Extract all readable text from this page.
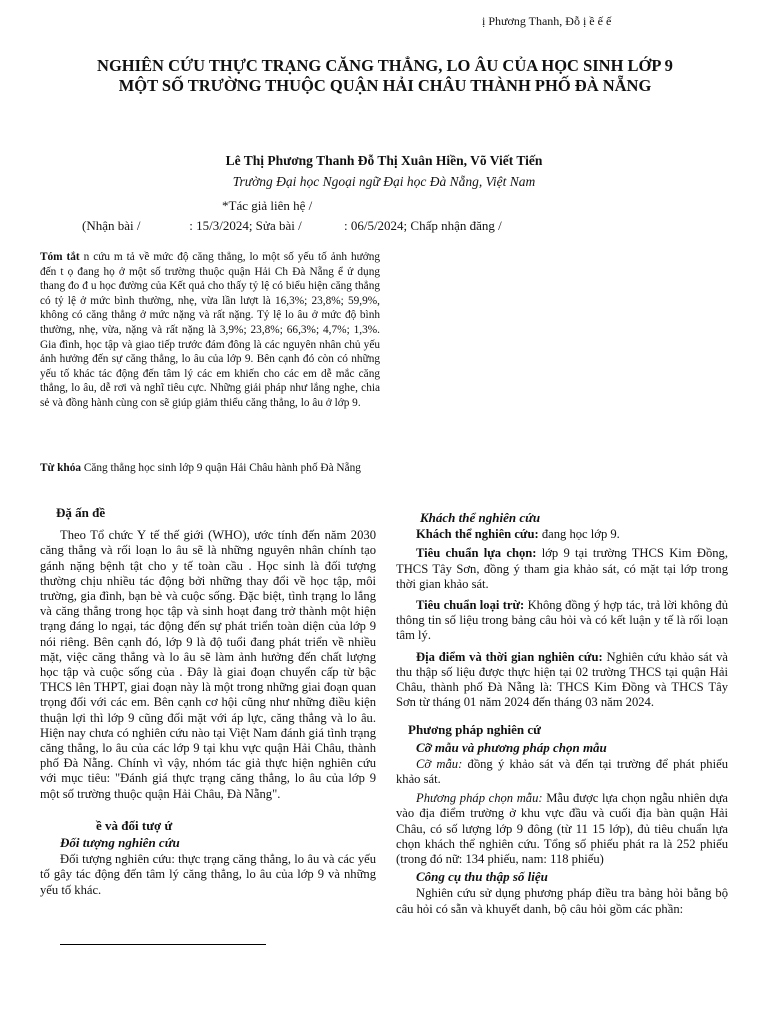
ị Phương Thanh, Đỗ ị ề ế ế
NGHIÊN CỨU THỰC TRẠNG CĂNG THẲNG, LO ÂU CỦA HỌC SINH LỚP 9
MỘT SỐ TRƯỜNG THUỘC QUẬN HẢI CHÂU THÀNH PHỐ ĐÀ NẴNG
Lê Thị Phương Thanh Đỗ Thị Xuân Hiền, Võ Viết Tiến
Trường Đại học Ngoại ngữ Đại học Đà Nẵng, Việt Nam
*Tác giả liên hệ /
(Nhận bài /               : 15/3/2024; Sửa bài /             : 06/5/2024; Chấp nhận đăng /
Tóm tắt n cứu m tả về mức độ căng thẳng, lo một số yếu tố ảnh hưởng đến t ọ đang họ ở một số trường thuộc quận Hải Ch Đà Nẵng ể ử dụng thang đo đ u học đường của Kết quả cho thấy tỷ lệ có biểu hiện căng thẳng có tỷ lệ ở mức bình thường, nhẹ, vừa lần lượt là 16,3%; 23,8%; 59,9%, không có căng thẳng ở mức nặng và rất nặng. Tỷ lệ lo âu ở mức độ bình thường, nhẹ, vừa, nặng và rất nặng là 3,9%; 23,8%; 66,3%; 4,7%; 1,3%. Gia đình, học tập và giao tiếp trước đám đông là các nguyên nhân chủ yếu ảnh hưởng đến sự căng thẳng, lo âu của lớp 9. Bên cạnh đó còn có những yếu tố khác tác động đến tâm lý các em khiến cho các em dễ mắc căng thẳng, lo âu, dễ rơi và nghĩ tiêu cực. Những giải pháp như lắng nghe, chia sẻ và đồng hành cùng con sẽ giúp giảm thiểu căng thẳng, lo âu ở lớp 9.
Từ khóa Căng thẳng học sinh lớp 9 quận Hải Châu hành phố Đà Nẵng
Đặ ấn đề

Theo Tổ chức Y tế thế giới (WHO), ước tính đến năm 2030 căng thẳng và rối loạn lo âu sẽ là những nguyên nhân chính tạo gánh nặng bệnh tật cho y tế toàn cầu . Học sinh là đối tượng thường chịu nhiều tác động bởi những thay đổi về học tập, môi trường, gia đình, bạn bè và cuộc sống. Đặc biệt, tình trạng lo lắng và căng thẳng trong học tập và sinh hoạt đang trở thành một hiện trạng đáng lo ngại, tác động đến sự phát triển toàn diện của lớp 9 nói riêng. Bên cạnh đó, lớp 9 là độ tuổi đang phát triển về nhiều mặt, việc căng thẳng và lo âu sẽ làm ảnh hưởng đến chất lượng học tập và cuộc sống của . Đây là giai đoạn chuyển cấp từ bậc THCS lên THPT, giai đoạn này là một trong những giai đoạn quan trọng đối với các em. Bên cạnh cơ hội cũng như những điều kiện thuận lợi thì lớp 9 cũng đối mặt với áp lực, căng thẳng và lo âu. Hiện nay chưa có nghiên cứu nào tại Việt Nam đánh giá tình trạng căng thẳng, lo âu của các lớp 9 tại khu vực quận Hải Châu, thành phố Đà Nẵng. Chính vì vậy, nhóm tác giả thực hiện nghiên cứu với mục tiêu: "Đánh giá thực trạng căng thẳng, lo âu của lớp 9 một số trường thuộc quận Hải Châu, Đà Nẵng".

ề và đối tượ ứ
Đối tượng nghiên cứu

Đối tượng nghiên cứu: thực trạng căng thẳng, lo âu và các yếu tố gây tác động đến tâm lý căng thẳng, lo âu của lớp 9 và những yếu tố khác.

Khách thể nghiên cứu

Khách thể nghiên cứu: đang học lớp 9.

Tiêu chuẩn lựa chọn: lớp 9 tại trường THCS Kim Đồng, THCS Tây Sơn, đồng ý tham gia khảo sát, có mặt tại lớp trong thời gian khảo sát.

Tiêu chuẩn loại trừ: Không đồng ý hợp tác, trả lời không đủ thông tin số liệu trong bảng câu hỏi và có kết luận y tế là rối loạn tâm lý.

Địa điểm và thời gian nghiên cứu: Nghiên cứu khảo sát và thu thập số liệu được thực hiện tại 02 trường THCS tại quận Hải Châu, thành phố Đà Nẵng là: THCS Kim Đồng và THCS Tây Sơn từ tháng 01 năm 2024 đến tháng 03 năm 2024.

Phương pháp nghiên cứ
Cỡ mẫu và phương pháp chọn mẫu

Cỡ mẫu: đồng ý khảo sát và đến tại trường để phát phiếu khảo sát.

Phương pháp chọn mẫu: Mẫu được lựa chọn ngẫu nhiên dựa vào địa điểm trường ở khu vực đầu và cuối địa bàn quận Hải Châu, có số lượng lớp 9 đông (từ 11 15 lớp), đủ tiêu chuẩn lựa chọn khách thể nghiên cứu. Tổng số phiếu phát ra là 252 phiếu (trong đó nữ: 134 phiếu, nam: 118 phiếu)

Công cụ thu thập số liệu

Nghiên cứu sử dụng phương pháp điều tra bảng hỏi bằng bộ câu hỏi có sẵn và khuyết danh, bộ câu hỏi gồm các phần:
